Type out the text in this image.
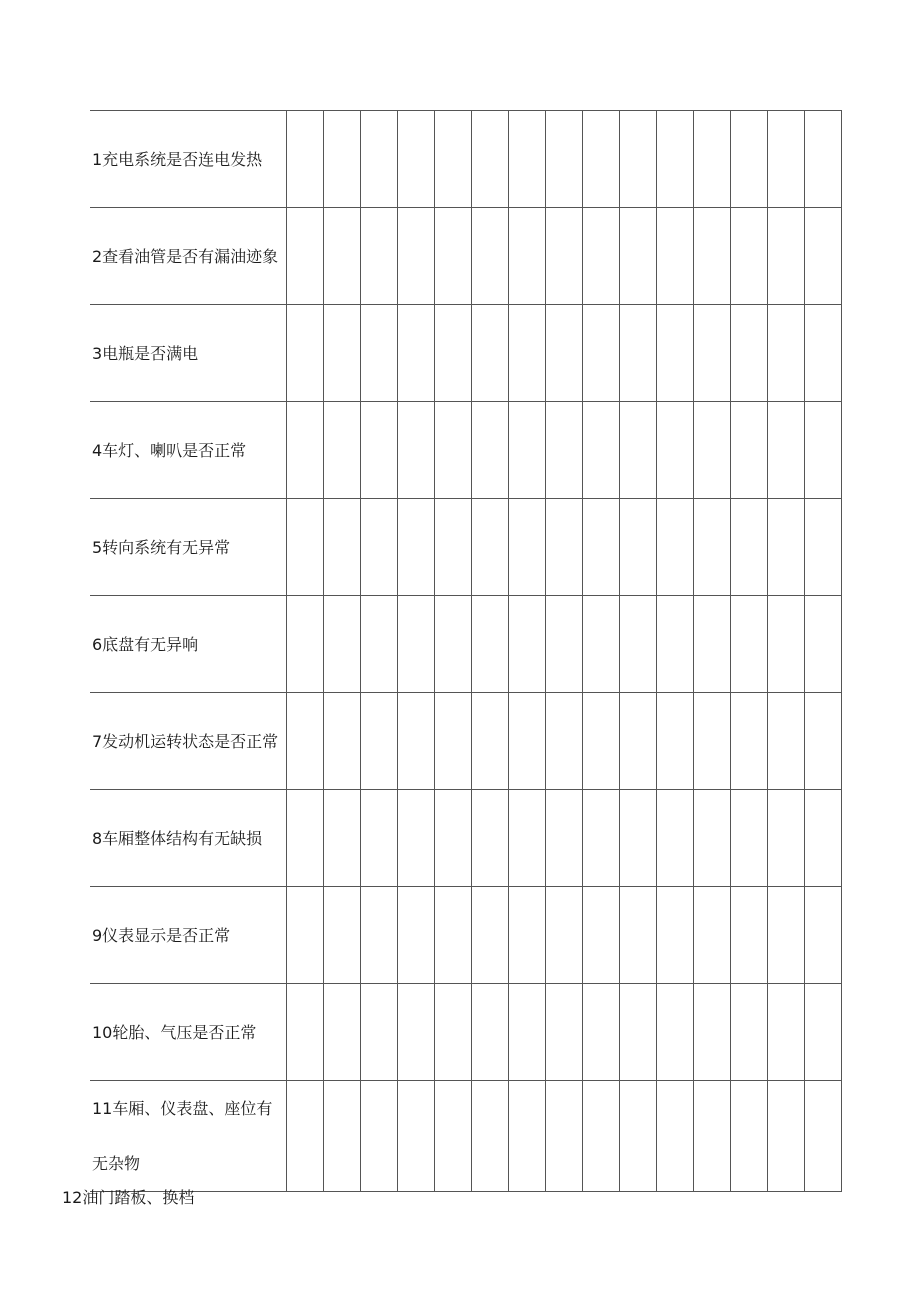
1充电系统是否连电发热															
2查看油管是否有漏油迹象															
3电瓶是否满电															
4车灯、喇叭是否正常															
5转向系统有无异常															
6底盘有无异响															
7发动机运转状态是否正常															
8车厢整体结构有无缺损															
9仪表显示是否正常															
10轮胎、气压是否正常															
11车厢、仪表盘、座位有无杂物															
12油门踏板、换档
